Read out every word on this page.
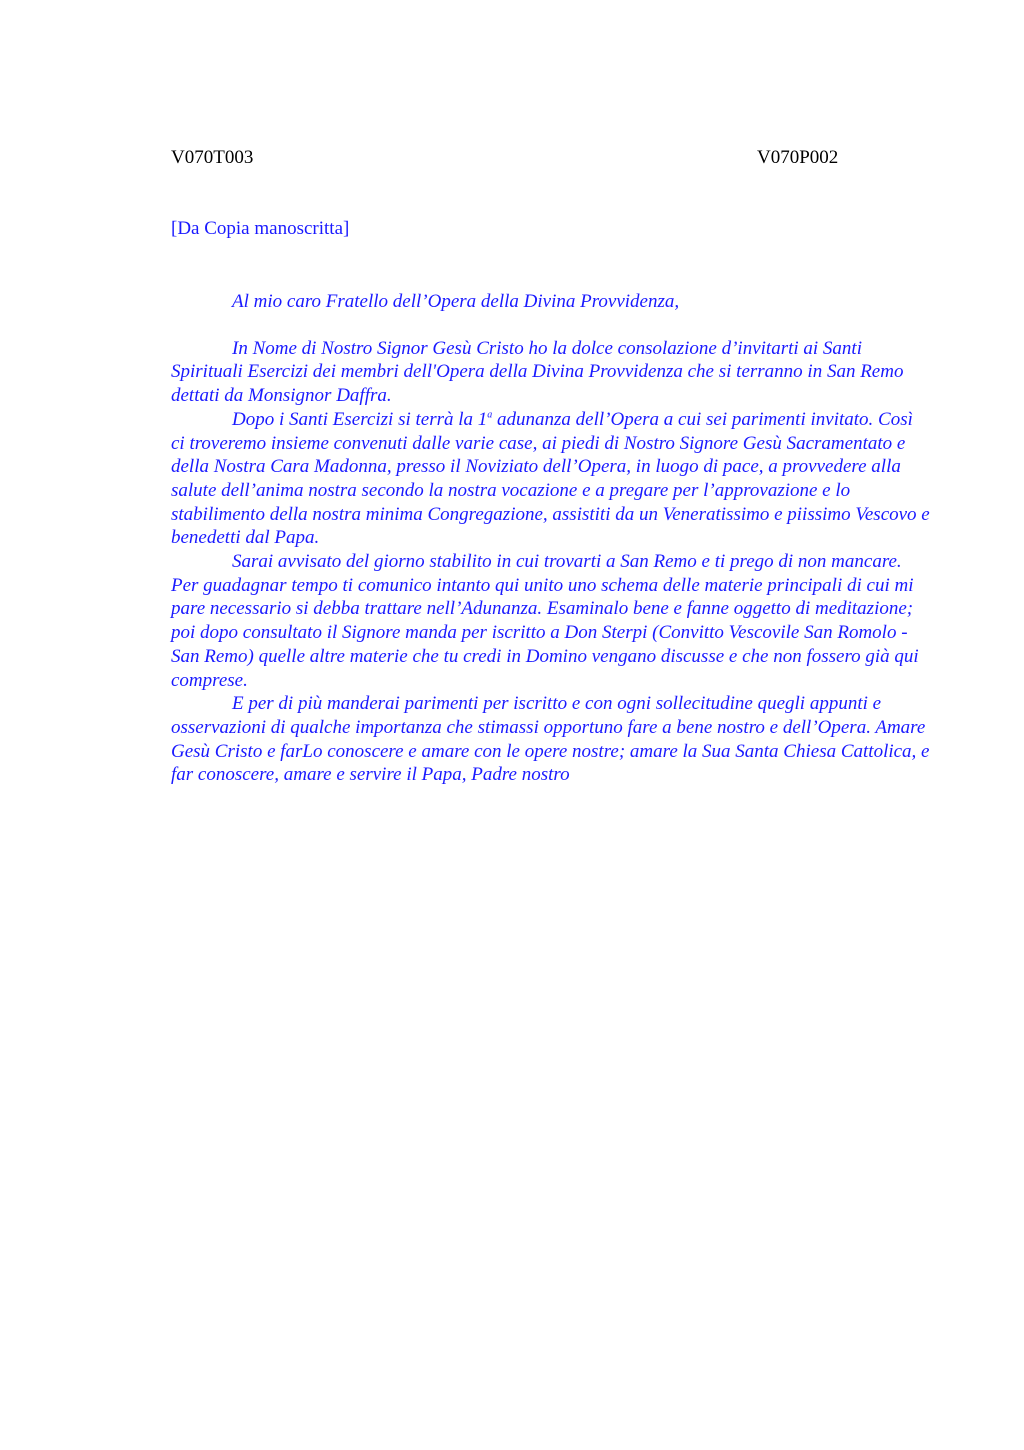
V070T003	V070P002
[Da Copia manoscritta]

Al mio caro Fratello dell’Opera della Divina Provvidenza,

In Nome di Nostro Signor Gesù Cristo ho la dolce consolazione d’invitarti ai Santi Spirituali Esercizi dei membri dell'Opera della Divina Provvidenza che si terranno in San Remo dettati da Monsignor Daffra.

Dopo i Santi Esercizi si terrà la 1$^a$ adunanza dell’Opera a cui sei parimenti invitato. Così ci troveremo insieme convenuti dalle varie case, ai piedi di Nostro Signore Gesù Sacramentato e della Nostra Cara Madonna, presso il Noviziato dell’Opera, in luogo di pace, a provvedere alla salute dell’anima nostra secondo la nostra vocazione e a pregare per l’approvazione e lo stabilimento della nostra minima Congregazione, assistiti da un Veneratissimo e piissimo Vescovo e benedetti dal Papa.

Sarai avvisato del giorno stabilito in cui trovarti a San Remo e ti prego di non mancare. Per guadagnar tempo ti comunico intanto qui unito uno schema delle materie principali di cui mi pare necessario si debba trattare nell’Adunanza. Esaminalo bene e fanne oggetto di meditazione; poi dopo consultato il Signore manda per iscritto a Don Sterpi (Convitto Vescovile San Romolo - San Remo) quelle altre materie che tu credi in Domino vengano discusse e che non fossero già qui comprese.

E per di più manderai parimenti per iscritto e con ogni sollecitudine quegli appunti e osservazioni di qualche importanza che stimassi opportuno fare a bene nostro e dell’Opera. Amare Gesù Cristo e farLo conoscere e amare con le opere nostre; amare la Sua Santa Chiesa Cattolica, e far conoscere, amare e servire il Papa, Padre nostro
